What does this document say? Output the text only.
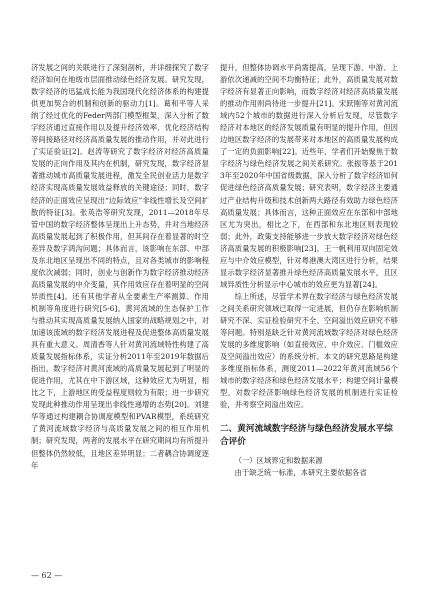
济发展之间的关联进行了深刻剖析，并详细探究了数字经济如何在地级市层面推动绿色经济发展。研究发现，数字经济的迅猛成长能为我国现代化经济体系的构建提供更加契合的机制和创新的驱动力[1]。葛和平等人采纳了经过优化的Feder两部门模型框架，深入分析了数字经济通过直接作用以及提升经济效率、优化经济结构等间接路径对经济高质量发展的推动作用，并对此进行了实证验证[2]。赵涛等研究了数字经济对经济高质量发展的正向作用及其内在机制，研究发现，数字经济显著推动城市高质量发展进程，激发全民创业活力是数字经济实现高质量发展效益释放的关键途径；同时，数字经济的正面效应呈现出“边际效应”非线性增长及空间扩散的特征[3]。张英浩等研究发现，2011—2018年尽管中国的数字经济整体呈现出上升态势，并对当地经济高质量发展起到了积极作用，但其间存在着显著的时空差异及数字鸿沟问题；具体而言，该影响在东部、中部及东北地区呈现出不同的特点，且对各类城市的影响程度依次减弱；同时，创业与创新作为数字经济推动经济高质量发展的中介变量，其作用效应存在着明显的空间异质性[4]。还有其他学者从全要素生产率测算、作用机制等角度进行研究[5-6]。黄河流域的生态保护工作与推动其实现高质量发展纳入国家的战略规划之中，对加速该流域的数字经济发展进程及促进整体高质量发展具有重大意义。周清香等人针对黄河流域特性构建了高质量发展指标体系，实证分析2011年至2019年数据后指出，数字经济对黄河流域的高质量发展起到了明显的促进作用，尤其在中下游区域，这种效应尤为明显，相比之下，上游地区的受益程度则较为有限；进一步研究发现此种推动作用呈现出非线性递增的态势[20]。刘建华等通过构建耦合协调度模型和PVAR模型，系统研究了黄河流域数字经济与高质量发展之间的相互作用机制；研究发现，两者的发展水平在研究期间均有所提升但整体仍然较低，且地区差异明显；二者耦合协调度逐年

提升，但整体协调水平尚需提高，呈现下游、中游、上游依次递减的空间不均衡特征；此外，高质量发展对数字经济有显著正向影响，而数字经济对经济高质量发展的推动作用则尚待进一步提升[21]。宋跃刚等对黄河流域内52个城市的数据进行深入分析后发现，尽管数字经济对本地区的经济发展质量有明显的提升作用，但因边地区数字经济的发展带来对本地区的高质量发展构成了一定的负面影响[22]。近些年，学者们开始聚焦于数字经济与绿色经济发展之间关系研究。张振等基于2013年至2020年中国省级数据，深入分析了数字经济如何促进绿色经济高质量发展；研究表明，数字经济主要通过产业结构升级和技术创新两大路径有效助力绿色经济高质量发展；具体而言，这种正面效应在东部和中部地区尤为突出，相比之下，在西部和东北地区则表现较弱；此外，政策支持能够进一步放大数字经济对绿色经济高质量发展的积极影响[23]。王一帆利用双向固定效应与中介效应模型，针对粤港澳大湾区进行分析，结果显示数字经济显著推升绿色经济高质量发展水平，且区域异质性分析显示中心城市的效应更为显著[24]。

综上所述，尽管学术界在数字经济与绿色经济发展之间关系研究领域已取得一定进展，但仍存在影响机制研究不深、实证检验研究不全、空间溢出效应研究不够等问题。特别是缺乏针对黄河流域数字经济对绿色经济发展的多维度影响（如直接效应、中介效应、门槛效应及空间溢出效应）的系统分析。本文的研究思路是构建多维度指标体系，测度2011—2022年黄河流域56个城市的数字经济和绿色经济发展水平；构建空间计量模型，对数字经济影响绿色经济发展的机制进行实证检验，并考察空间溢出效应。

二、黄河流域数字经济与绿色经济发展水平综合评价

（一）区域界定和数据来源

由于缺乏统一标准，本研究主要依据各省

— 62 —
